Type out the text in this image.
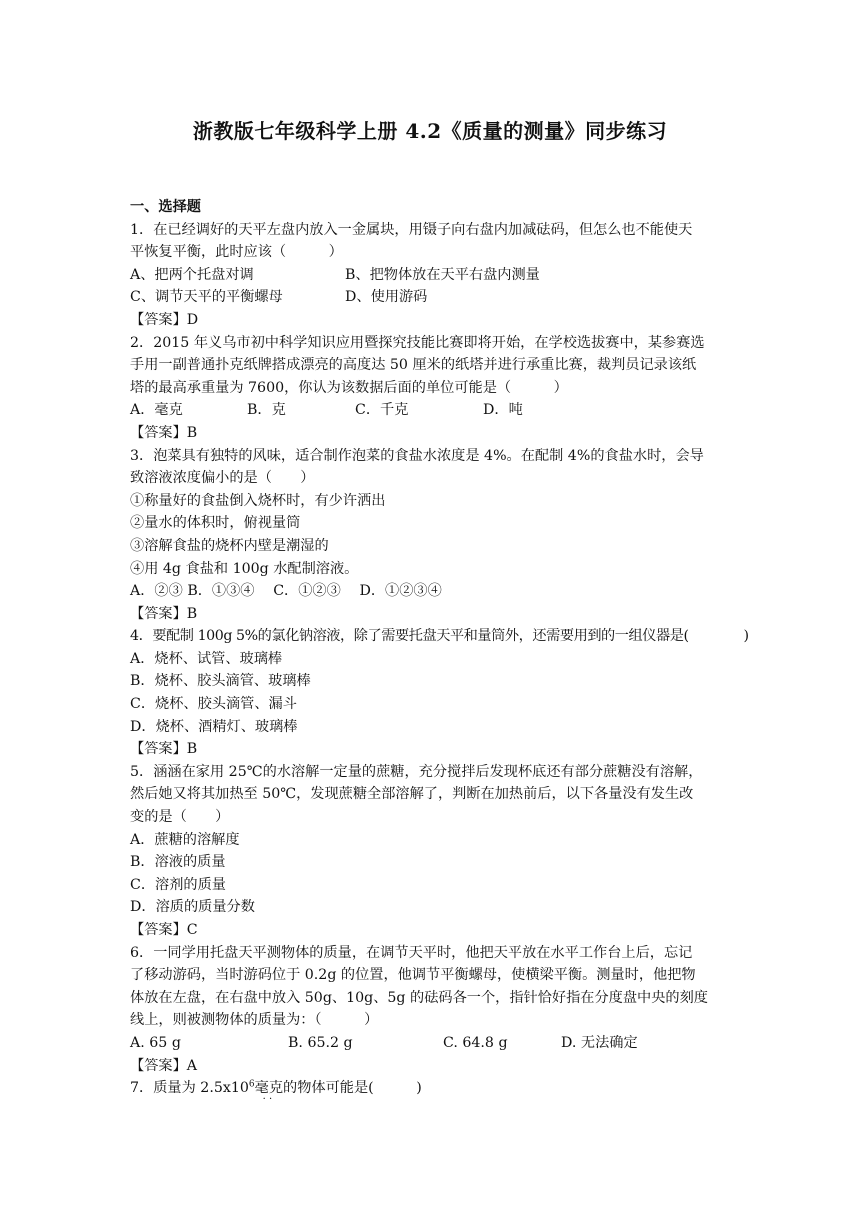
浙教版七年级科学上册 4.2《质量的测量》同步练习
一、选择题
1．在已经调好的天平左盘内放入一金属块，用镊子向右盘内加减砝码，但怎么也不能使天
平恢复平衡，此时应该（　　　）
A、把两个托盘对调	B、把物体放在天平右盘内测量
C、调节天平的平衡螺母	D、使用游码
【答案】D
2．2015 年义乌市初中科学知识应用暨探究技能比赛即将开始，在学校选拔赛中，某参赛选
手用一副普通扑克纸牌搭成漂亮的高度达 50 厘米的纸塔并进行承重比赛，裁判员记录该纸
塔的最高承重量为 7600，你认为该数据后面的单位可能是（　　　）
A．毫克	B．克	C．千克	D．吨
【答案】B
3．泡菜具有独特的风味，适合制作泡菜的食盐水浓度是 4%。在配制 4%的食盐水时，会导
致溶液浓度偏小的是（　　）
①称量好的食盐倒入烧杯时，有少许洒出
②量水的体积时，俯视量筒
③溶解食盐的烧杯内壁是潮湿的
④用 4g 食盐和 100g 水配制溶液。
A．②③ B．①③④　 C．①②③　 D．①②③④
【答案】B
4．要配制 100g 5%的氯化钠溶液，除了需要托盘天平和量筒外，还需要用到的一组仪器是(　　　　)
A．烧杯、试管、玻璃棒
B．烧杯、胶头滴管、玻璃棒
C．烧杯、胶头滴管、漏斗
D．烧杯、酒精灯、玻璃棒
【答案】B
5．涵涵在家用 25℃的水溶解一定量的蔗糖，充分搅拌后发现杯底还有部分蔗糖没有溶解，
然后她又将其加热至 50℃，发现蔗糖全部溶解了，判断在加热前后，以下各量没有发生改
变的是（　　）
A．蔗糖的溶解度
B．溶液的质量
C．溶剂的质量
D．溶质的质量分数
【答案】C
6．一同学用托盘天平测物体的质量，在调节天平时，他把天平放在水平工作台上后，忘记
了移动游码，当时游码位于 0.2g 的位置，他调节平衡螺母，使横梁平衡。测量时，他把物
体放在左盘，在右盘中放入 50g、10g、5g 的砝码各一个，指针恰好指在分度盘中央的刻度
线上，则被测物体的质量为：（　　　）
A. 65 g	B. 65.2 g	C. 64.8 g	D. 无法确定
【答案】A
7．质量为 $2.5x10^6$毫克 · ·的物体可能是(　　　)
